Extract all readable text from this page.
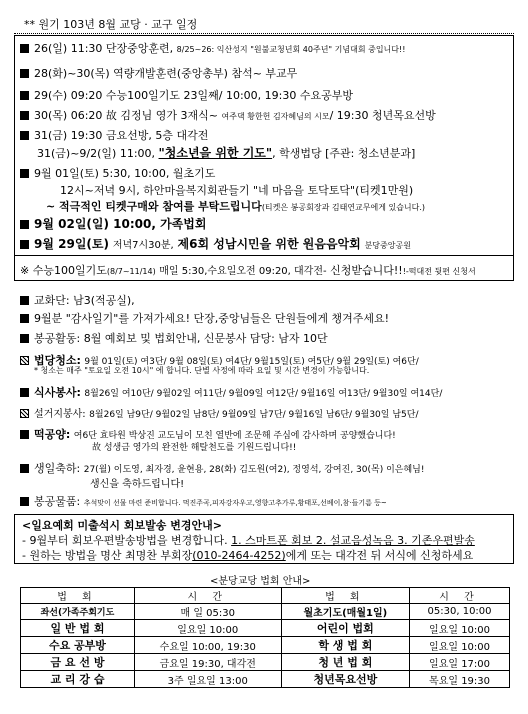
** 원기 103년 8월 교당 · 교구 일정
26(일) 11:30 단장중앙훈련, 8/25~26: 익산성지 "원불교청년회 40주년" 기념대회 중입니다!!
28(화)~30(목) 역량개발훈련(중앙총부) 참석~ 부교무
29(수) 09:20 수능100일기도 23일째/ 10:00, 19:30 수요공부방
30(목) 06:20 故 김정님 영가 3재식~ 여주댁 황한헌 김자혜님의 시모/ 19:30 청년목요선방
31(금) 19:30 금요선방, 5층 대각전
31(금)~9/2(일) 11:00, "청소년을 위한 기도", 학생법당 [주관: 청소년분과]
9월 01일(토) 5:30, 10:00, 월초기도
12시~저녁 9시, 하안마을복지회관들기 "네 마음을 토닥토닥"(티켓1만원)
~ 적극적인 티켓구매와 참여를 부탁드립니다(티켓은 봉공회장과 김태연교무에게 있습니다.)
9월 02일(일) 10:00, 가족법회
9월 29일(토) 저녁7시30분, 제6회 성남시민을 위한 원음음악회 분당중앙공원
※ 수능100일기도(8/7~11/14) 매일 5:30,수요일오전 09:20, 대각전- 신청받습니다!!!-떡대전 뒷편 신청서
교화단: 남3(적공실),
9월분 "감사일기"를 가져가세요! 단장,중앙님들은 단원들에게 챙겨주세요!
봉공활동: 8월 예회보 및 법회안내, 신문봉사 담당: 남자 10단
법당청소: 9월 01일(토) 여3단/ 9월 08일(토) 여4단/ 9월15일(토) 여5단/ 9월 29일(토) 여6단/
* 청소는 매주 "토요일 오전 10시" 에 합니다. 단별 사정에 따라 요일 및 시간 변경이 가능합니다.
식사봉사: 8월26일 여10단/ 9월02일 여11단/ 9월09일 여12단/ 9월16일 여13단/ 9월30일 여14단/
설거지봉사: 8월26일 남9단/ 9월02일 남8단/ 9월09일 남7단/ 9월16일 남6단/ 9월30일 남5단/
떡공양: 여6단 효타원 박상진 교도님이 모친 열반에 조문해 주심에 감사하며 공양했습니다!
故 성생금 영가의 완전한 해탈천도를 기원드립니다!!
생일축하: 27(월) 이도영, 최자경, 윤현용, 28(화) 김도원(여2), 정영석, 강여진, 30(목) 이은혜님!
생신을 축하드립니다!
봉공물품: 추석맞이 선물 마련 준비합니다. 먹진주곡,피자강자우고,영향고추가루,황태포,선베이,참·들기름 등~
<일요예회 미출석시 회보발송 변경안내>
- 9월부터 회보우편발송방법을 변경합니다. 1. 스마트폰 회보 2. 설교음성녹음 3. 기존우편발송
- 원하는 방법을 명산 최명찬 부회장(010-2464-4252)에게 또는 대각전 뒤 서식에 신청하세요
<분당교당 법회 안내>
법 회	시 간	법 회	시 간
좌선(가족주회기도	매 일 05:30	월초기도(매월1일)	05:30, 10:00
일 반 법 회	일요일 10:00	어린이 법회	일요일 10:00
수요 공부방	수요일 10:00, 19:30	학 생 법 회	일요일 10:00
금 요 선 방	금요일 19:30, 대각전	청 년 법 회	일요일 17:00
교 리 강 습	3주 일요일 13:00	청년목요선방	목요일 19:30
